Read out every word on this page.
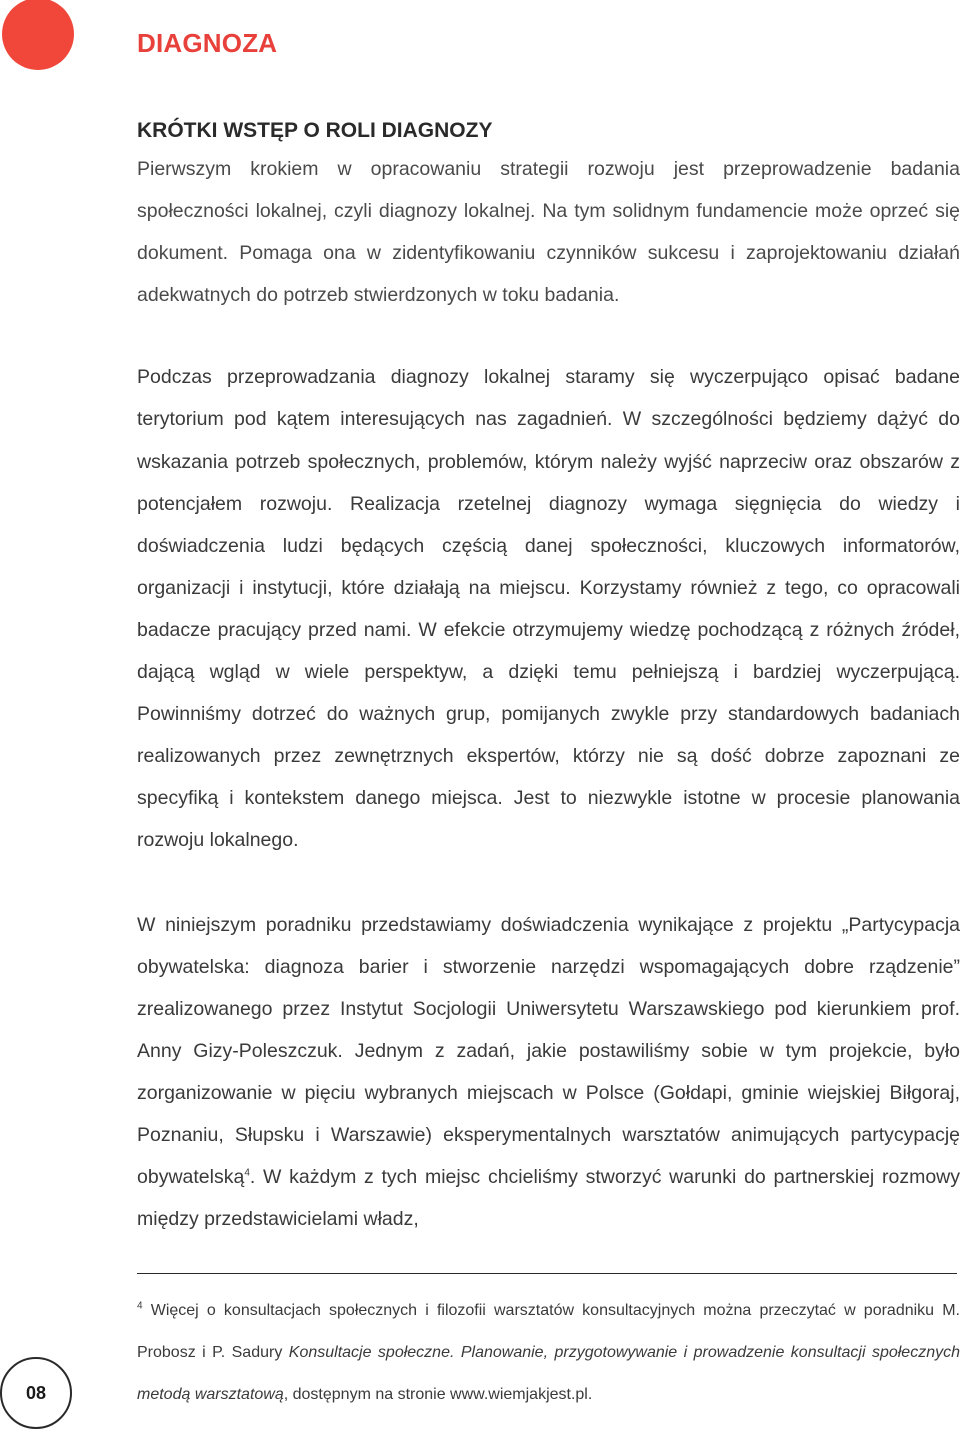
DIAGNOZA
KRÓTKI WSTĘP O ROLI DIAGNOZY

Pierwszym krokiem w opracowaniu strategii rozwoju jest przeprowadzenie badania społeczności lokalnej, czyli diagnozy lokalnej. Na tym solidnym fundamencie może oprzeć się dokument. Pomaga ona w zidentyfikowaniu czynników sukcesu i zaprojektowaniu działań adekwatnych do potrzeb stwierdzonych w toku badania.

Podczas przeprowadzania diagnozy lokalnej staramy się wyczerpująco opisać badane terytorium pod kątem interesujących nas zagadnień. W szczególności będziemy dążyć do wskazania potrzeb społecznych, problemów, którym należy wyjść naprzeciw oraz obszarów z potencjałem rozwoju. Realizacja rzetelnej diagnozy wymaga sięgnięcia do wiedzy i doświadczenia ludzi będących częścią danej społeczności, kluczowych informatorów, organizacji i instytucji, które działają na miejscu. Korzystamy również z tego, co opracowali badacze pracujący przed nami. W efekcie otrzymujemy wiedzę pochodzącą z różnych źródeł, dającą wgląd w wiele perspektyw, a dzięki temu pełniejszą i bardziej wyczerpującą. Powinniśmy dotrzeć do ważnych grup, pomijanych zwykle przy standardowych badaniach realizowanych przez zewnętrznych ekspertów, którzy nie są dość dobrze zapoznani ze specyfiką i kontekstem danego miejsca. Jest to niezwykle istotne w procesie planowania rozwoju lokalnego.

W niniejszym poradniku przedstawiamy doświadczenia wynikające z projektu „Partycypacja obywatelska: diagnoza barier i stworzenie narzędzi wspomagających dobre rządzenie” zrealizowanego przez Instytut Socjologii Uniwersytetu Warszawskiego pod kierunkiem prof. Anny Gizy-Poleszczuk. Jednym z zadań, jakie postawiliśmy sobie w tym projekcie, było zorganizowanie w pięciu wybranych miejscach w Polsce (Gołdapi, gminie wiejskiej Biłgoraj, Poznaniu, Słupsku i Warszawie) eksperymentalnych warsztatów animujących partycypację obywatelską$^4$. W każdym z tych miejsc chcieliśmy stworzyć warunki do partnerskiej rozmowy między przedstawicielami władz,

$^4$ Więcej o konsultacjach społecznych i filozofii warsztatów konsultacyjnych można przeczytać w poradniku M. Probosz i P. Sadury Konsultacje społeczne. Planowanie, przygotowywanie i prowadzenie konsultacji społecznych metodą warsztatową, dostępnym na stronie www.wiemjakjest.pl.

08
